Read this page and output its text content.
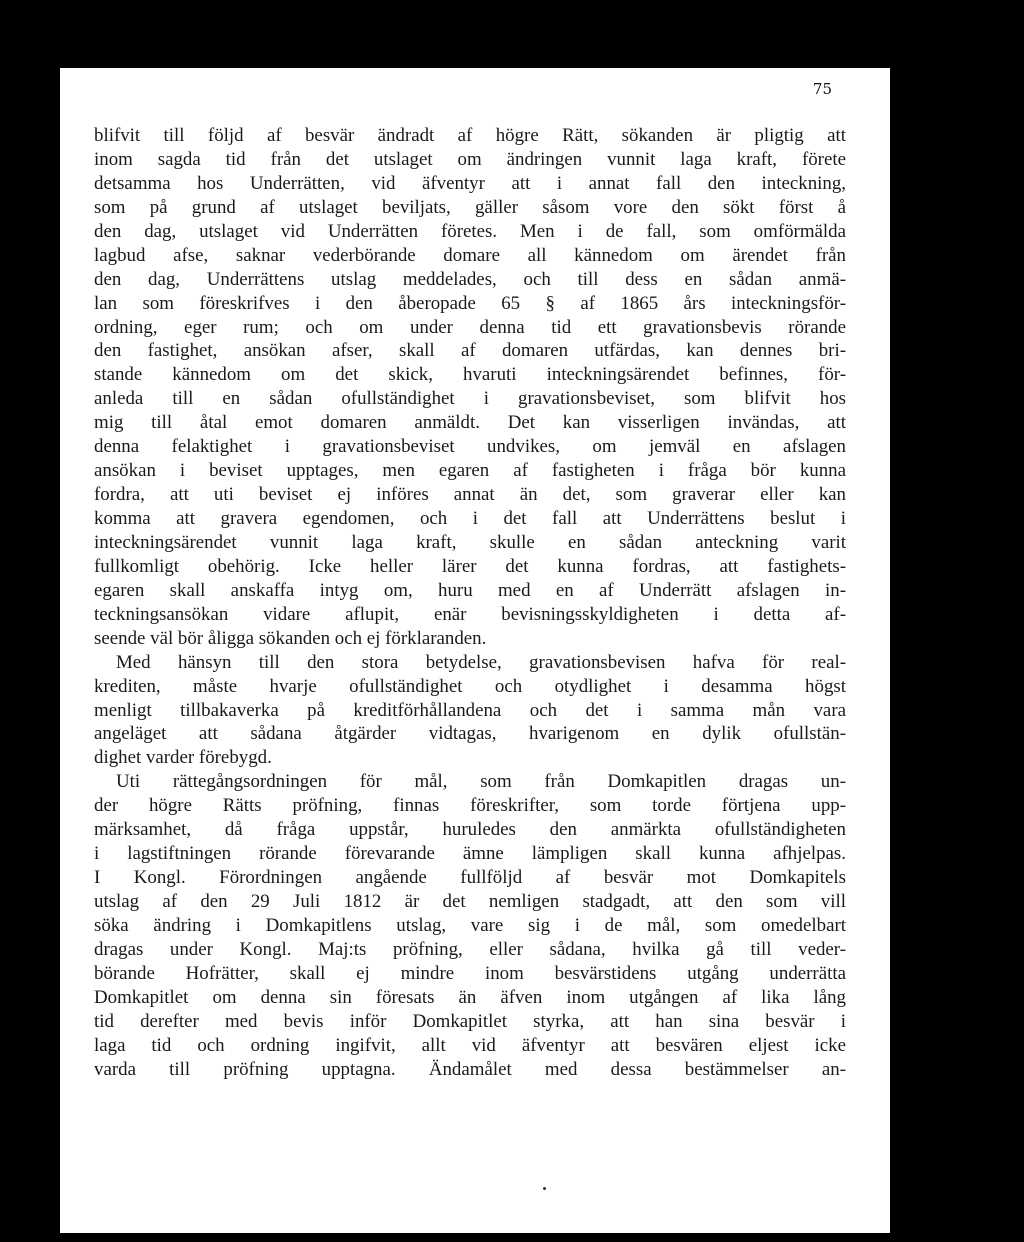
75
blifvit till följd af besvär ändradt af högre Rätt, sökanden är pligtig att
inom sagda tid från det utslaget om ändringen vunnit laga kraft, förete
detsamma hos Underrätten, vid äfventyr att i annat fall den inteckning,
som på grund af utslaget beviljats, gäller såsom vore den sökt först å
den dag, utslaget vid Underrätten företes. Men i de fall, som omförmälda
lagbud afse, saknar vederbörande domare all kännedom om ärendet från
den dag, Underrättens utslag meddelades, och till dess en sådan anmä-
lan som föreskrifves i den åberopade 65 § af 1865 års inteckningsför-
ordning, eger rum; och om under denna tid ett gravationsbevis rörande
den fastighet, ansökan afser, skall af domaren utfärdas, kan dennes bri-
stande kännedom om det skick, hvaruti inteckningsärendet befinnes, för-
anleda till en sådan ofullständighet i gravationsbeviset, som blifvit hos
mig till åtal emot domaren anmäldt. Det kan visserligen invändas, att
denna felaktighet i gravationsbeviset undvikes, om jemväl en afslagen
ansökan i beviset upptages, men egaren af fastigheten i fråga bör kunna
fordra, att uti beviset ej införes annat än det, som graverar eller kan
komma att gravera egendomen, och i det fall att Underrättens beslut i
inteckningsärendet vunnit laga kraft, skulle en sådan anteckning varit
fullkomligt obehörig. Icke heller lärer det kunna fordras, att fastighets-
egaren skall anskaffa intyg om, huru med en af Underrätt afslagen in-
teckningsansökan vidare aflupit, enär bevisningsskyldigheten i detta af-
seende väl bör åligga sökanden och ej förklaranden.
Med hänsyn till den stora betydelse, gravationsbevisen hafva för real-
krediten, måste hvarje ofullständighet och otydlighet i desamma högst
menligt tillbakaverka på kreditförhållandena och det i samma mån vara
angeläget att sådana åtgärder vidtagas, hvarigenom en dylik ofullstän-
dighet varder förebygd.
Uti rättegångsordningen för mål, som från Domkapitlen dragas un-
der högre Rätts pröfning, finnas föreskrifter, som torde förtjena upp-
märksamhet, då fråga uppstår, huruledes den anmärkta ofullständigheten
i lagstiftningen rörande förevarande ämne lämpligen skall kunna afhjelpas.
I Kongl. Förordningen angående fullföljd af besvär mot Domkapitels
utslag af den 29 Juli 1812 är det nemligen stadgadt, att den som vill
söka ändring i Domkapitlens utslag, vare sig i de mål, som omedelbart
dragas under Kongl. Maj:ts pröfning, eller sådana, hvilka gå till veder-
börande Hofrätter, skall ej mindre inom besvärstidens utgång underrätta
Domkapitlet om denna sin föresats än äfven inom utgången af lika lång
tid derefter med bevis inför Domkapitlet styrka, att han sina besvär i
laga tid och ordning ingifvit, allt vid äfventyr att besvären eljest icke
varda till pröfning upptagna. Ändamålet med dessa bestämmelser an-
